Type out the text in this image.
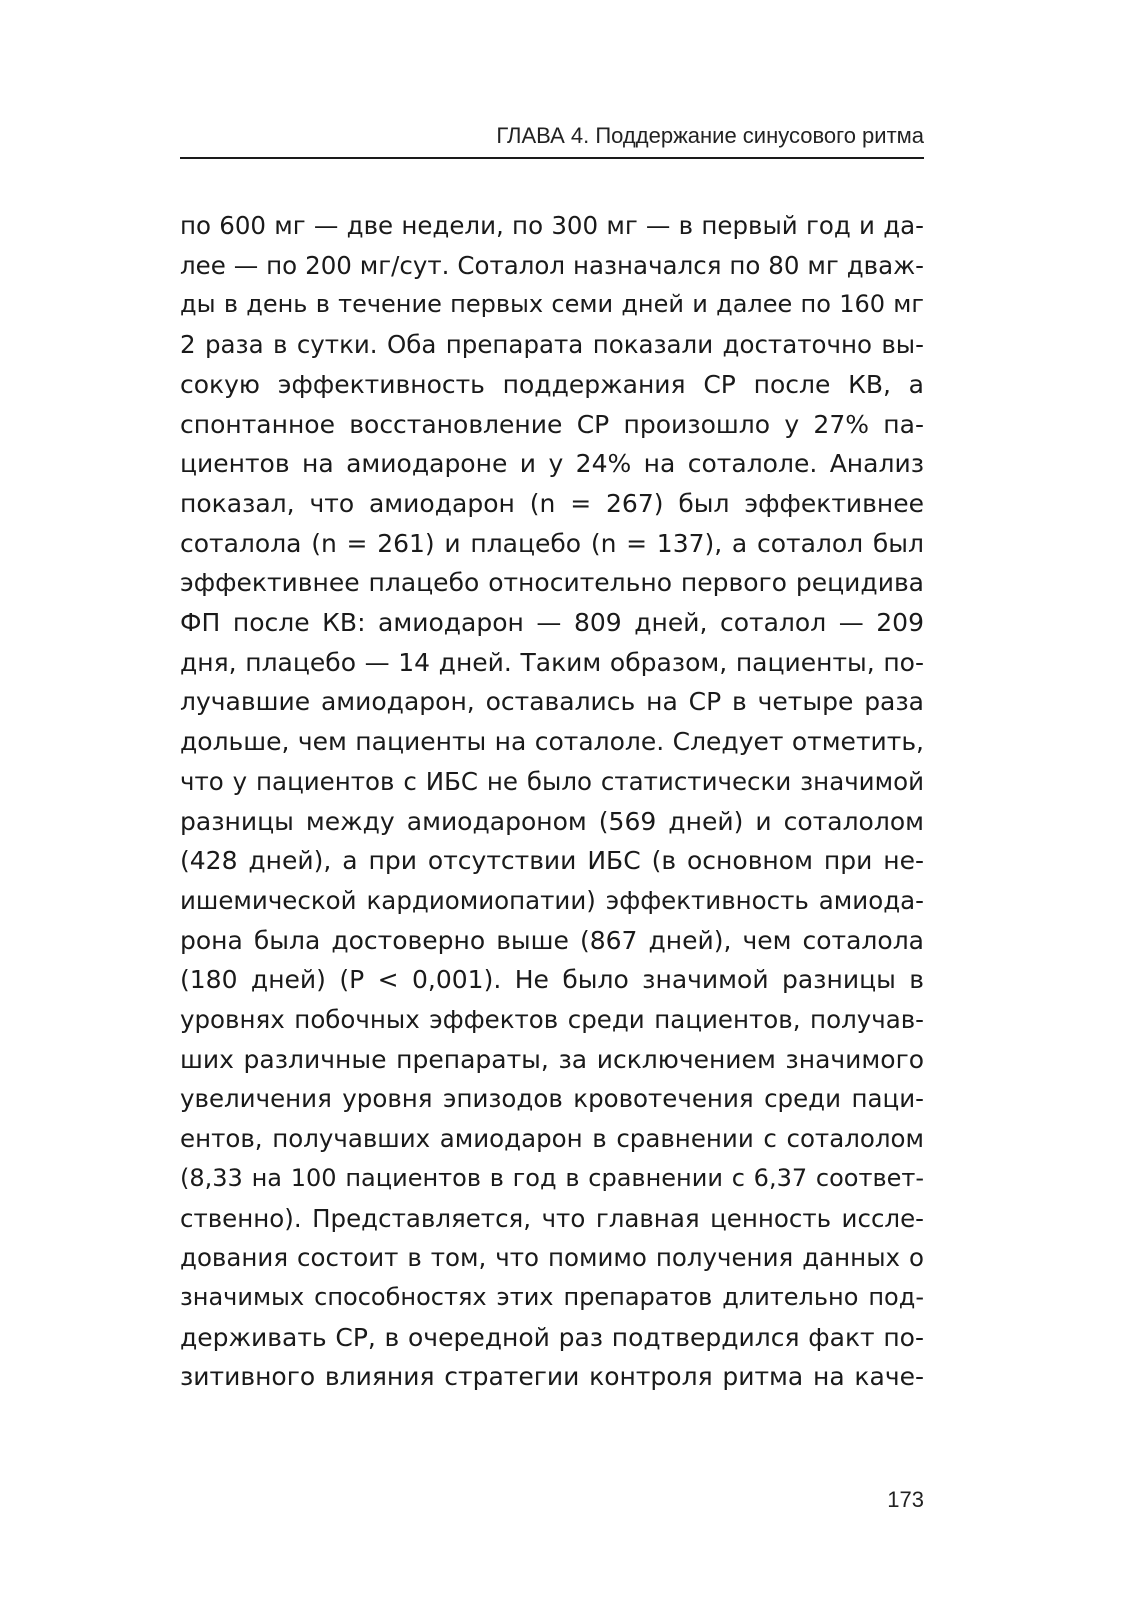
ГЛАВА 4. Поддержание синусового ритма
по 600 мг — две недели, по 300 мг — в первый год и да-
лее — по 200 мг/сут. Соталол назначался по 80 мг дваж-
ды в день в течение первых семи дней и далее по 160 мг
2 раза в сутки. Оба препарата показали достаточно вы-
сокую эффективность поддержания СР после КВ, а
спонтанное восстановление СР произошло у 27% па-
циентов на амиодароне и у 24% на соталоле. Анализ
показал, что амиодарон (n = 267) был эффективнее
соталола (n = 261) и плацебо (n = 137), а соталол был
эффективнее плацебо относительно первого рецидива
ФП после КВ: амиодарон — 809 дней, соталол — 209
дня, плацебо — 14 дней. Таким образом, пациенты, по-
лучавшие амиодарон, оставались на СР в четыре раза
дольше, чем пациенты на соталоле. Следует отметить,
что у пациентов с ИБС не было статистически значимой
разницы между амиодароном (569 дней) и соталолом
(428 дней), а при отсутствии ИБС (в основном при не-
ишемической кардиомиопатии) эффективность амиода-
рона была достоверно выше (867 дней), чем соталола
(180 дней) (P < 0,001). Не было значимой разницы в
уровнях побочных эффектов среди пациентов, получав-
ших различные препараты, за исключением значимого
увеличения уровня эпизодов кровотечения среди паци-
ентов, получавших амиодарон в сравнении с соталолом
(8,33 на 100 пациентов в год в сравнении с 6,37 соответ-
ственно). Представляется, что главная ценность иссле-
дования состоит в том, что помимо получения данных о
значимых способностях этих препаратов длительно под-
держивать СР, в очередной раз подтвердился факт по-
зитивного влияния стратегии контроля ритма на каче-
173
